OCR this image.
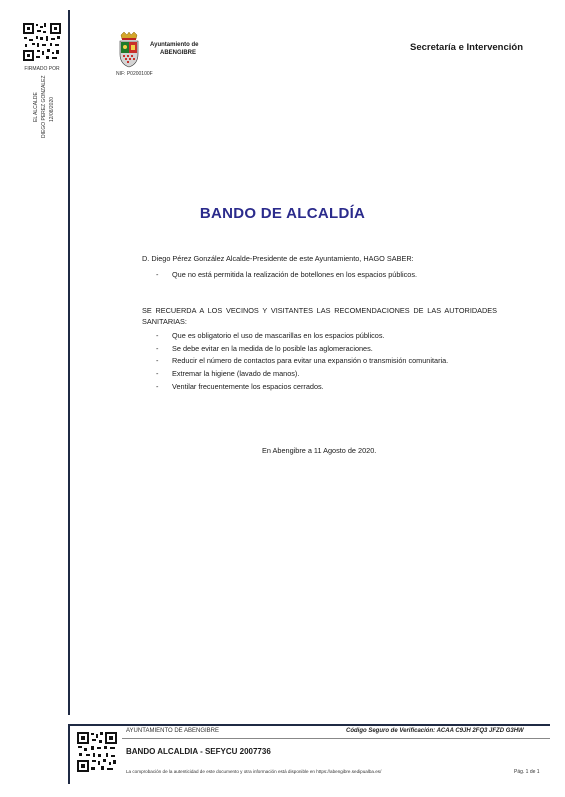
FIRMADO POR
EL ALCALDE DIEGO PEREZ GONZALEZ 12/08/2020
Ayuntamiento de
ABENGIBRE
NIF: P0200100F
Secretaría e Intervención
BANDO DE ALCALDÍA
D. Diego Pérez González Alcalde-Presidente de este Ayuntamiento, HAGO SABER:
- Que no está permitida la realización de botellones en los espacios públicos.
SE RECUERDA A LOS VECINOS Y VISITANTES LAS RECOMENDACIONES DE LAS AUTORIDADES SANITARIAS:
- Que es obligatorio el uso de mascarillas en los espacios públicos.
- Se debe evitar en la medida de lo posible las aglomeraciones.
- Reducir el número de contactos para evitar una expansión o transmisión comunitaria.
- Extremar la higiene (lavado de manos).
- Ventilar frecuentemente los espacios cerrados.
En Abengibre a 11 Agosto de 2020.
AYUNTAMIENTO DE ABENGIBRE	Código Seguro de Verificación: ACAA C9JH 2FQ3 JFZD G3HW
BANDO ALCALDIA - SEFYCU 2007736
La comprobación de la autenticidad de este documento y otra información está disponible en https://abengibre.sedipualba.es/	Pág. 1 de 1
